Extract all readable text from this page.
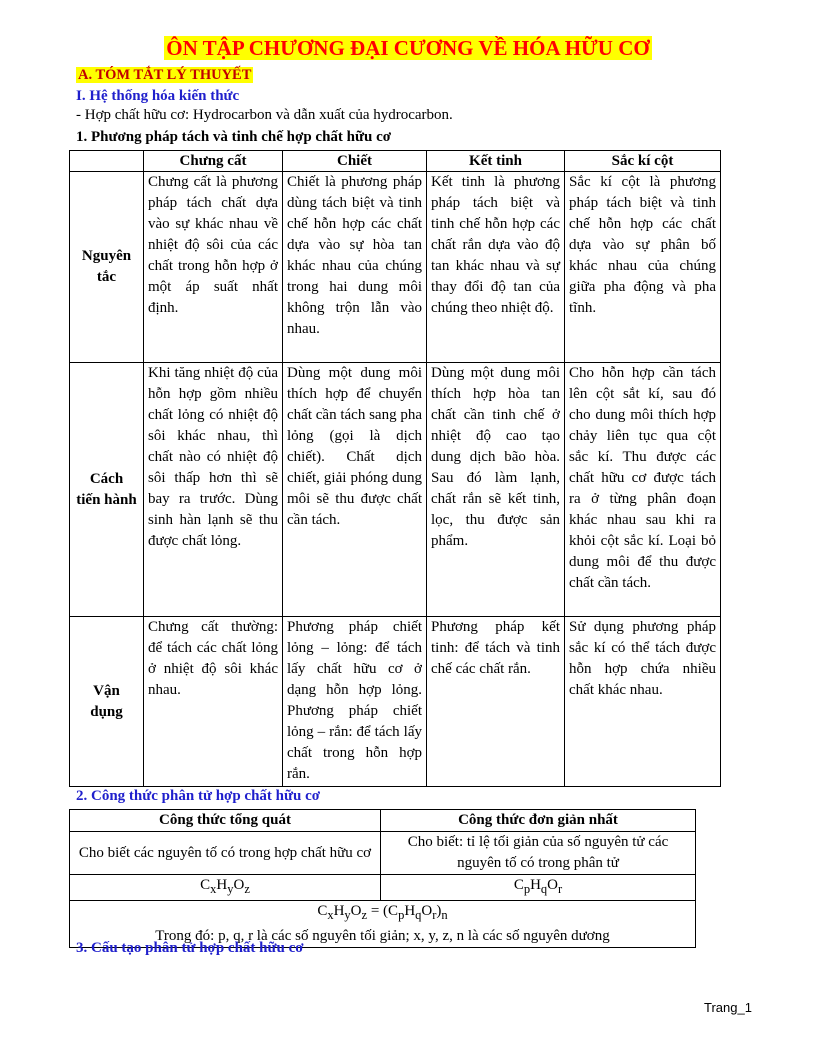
ÔN TẬP CHƯƠNG ĐẠI CƯƠNG VỀ HÓA HỮU CƠ
A. TÓM TẮT LÝ THUYẾT
I. Hệ thống hóa kiến thức
- Hợp chất hữu cơ: Hydrocarbon và dẫn xuất của hydrocarbon.
1. Phương pháp tách và tinh chế hợp chất hữu cơ
	Chưng cất	Chiết	Kết tinh	Sắc kí cột
Nguyên tắc	Chưng cất là phương pháp tách chất dựa vào sự khác nhau về nhiệt độ sôi của các chất trong hỗn hợp ở một áp suất nhất định.	Chiết là phương pháp dùng tách biệt và tinh chế hỗn hợp các chất dựa vào sự hòa tan khác nhau của chúng trong hai dung môi không trộn lẫn vào nhau.	Kết tinh là phương pháp tách biệt và tinh chế hỗn hợp các chất rắn dựa vào độ tan khác nhau và sự thay đổi độ tan của chúng theo nhiệt độ.	Sắc kí cột là phương pháp tách biệt và tinh chế hỗn hợp các chất dựa vào sự phân bố khác nhau của chúng giữa pha động và pha tĩnh.
Cách tiến hành	Khi tăng nhiệt độ của hỗn hợp gồm nhiều chất lỏng có nhiệt độ sôi khác nhau, thì chất nào có nhiệt độ sôi thấp hơn thì sẽ bay ra trước. Dùng sinh hàn lạnh sẽ thu được chất lỏng.	Dùng một dung môi thích hợp để chuyển chất cần tách sang pha lỏng (gọi là dịch chiết). Chất dịch chiết, giải phóng dung môi sẽ thu được chất cần tách.	Dùng một dung môi thích hợp hòa tan chất cần tinh chế ở nhiệt độ cao tạo dung dịch bão hòa. Sau đó làm lạnh, chất rắn sẽ kết tinh, lọc, thu được sản phẩm.	Cho hỗn hợp cần tách lên cột sắt kí, sau đó cho dung môi thích hợp chảy liên tục qua cột sắc kí. Thu được các chất hữu cơ được tách ra ở từng phân đoạn khác nhau sau khi ra khỏi cột sắc kí. Loại bỏ dung môi để thu được chất cần tách.
Vận dụng	Chưng cất thường: để tách các chất lỏng ở nhiệt độ sôi khác nhau.	Phương pháp chiết lỏng – lỏng: để tách lấy chất hữu cơ ở dạng hỗn hợp lỏng. Phương pháp chiết lỏng – rắn: để tách lấy chất trong hỗn hợp rắn.	Phương pháp kết tinh: để tách và tinh chế các chất rắn.	Sử dụng phương pháp sắc kí có thể tách được hỗn hợp chứa nhiều chất khác nhau.
2. Công thức phân tử hợp chất hữu cơ
Công thức tổng quát	Công thức đơn giản nhất
Cho biết các nguyên tố có trong hợp chất hữu cơ	Cho biết: tỉ lệ tối giản của số nguyên tử các nguyên tố có trong phân tử
$C_xH_yO_z$	$C_pH_qO_r$

$C_xH_yO_z = (C_pH_qO_r)_n$
Trong đó: p, q, r là các số nguyên tối giản; x, y, z, n là các số nguyên dương	
3. Cấu tạo phân tử hợp chất hữu cơ
Trang_1
